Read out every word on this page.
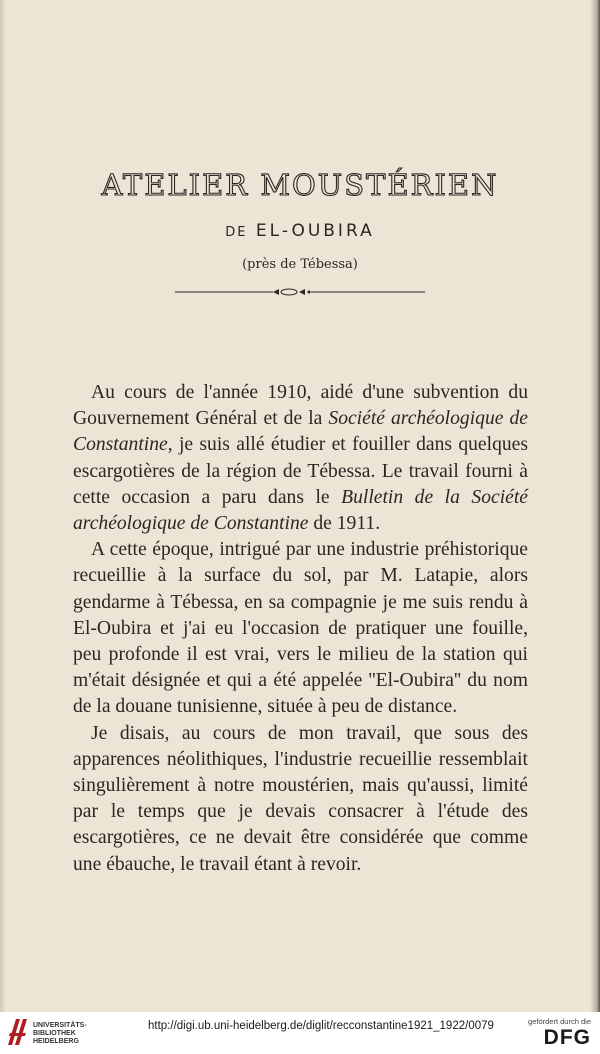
ATELIER MOUSTÉRIEN
DE EL-OUBIRA
(près de Tébessa)

Au cours de l'année 1910, aidé d'une subvention du Gouvernement Général et de la Société archéologique de Constantine, je suis allé étudier et fouiller dans quelques escargotières de la région de Tébessa. Le travail fourni à cette occasion a paru dans le Bulletin de la Société archéologique de Constantine de 1911.

A cette époque, intrigué par une industrie préhistorique recueillie à la surface du sol, par M. Latapie, alors gendarme à Tébessa, en sa compagnie je me suis rendu à El-Oubira et j'ai eu l'occasion de pratiquer une fouille, peu profonde il est vrai, vers le milieu de la station qui m'était désignée et qui a été appelée ''El-Oubira'' du nom de la douane tunisienne, située à peu de distance.

Je disais, au cours de mon travail, que sous des apparences néolithiques, l'industrie recueillie ressemblait singulièrement à notre moustérien, mais qu'aussi, limité par le temps que je devais consacrer à l'étude des escargotières, ce ne devait être considérée que comme une ébauche, le travail étant à revoir.

UNIVERSITÄTS-
BIBLIOTHEK
HEIDELBERG
http://digi.ub.uni-heidelberg.de/diglit/recconstantine1921_1922/0079	gefördert durch die
DFG
